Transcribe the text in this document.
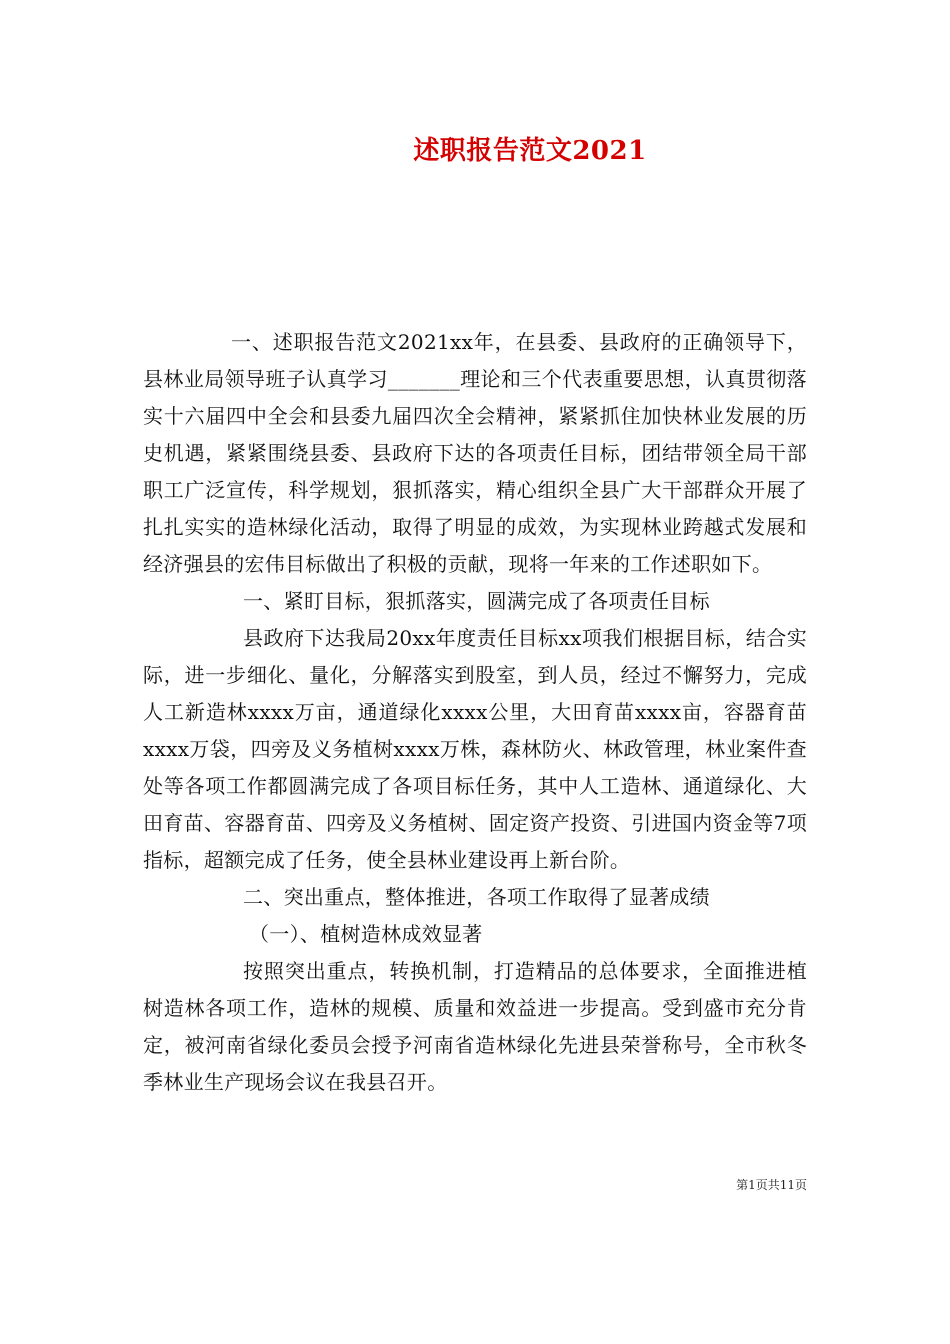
述职报告范文2021

一、述职报告范文2021xx年，在县委、县政府的正确领导下，县林业局领导班子认真学习_______理论和三个代表重要思想，认真贯彻落实十六届四中全会和县委九届四次全会精神，紧紧抓住加快林业发展的历史机遇，紧紧围绕县委、县政府下达的各项责任目标，团结带领全局干部职工广泛宣传，科学规划，狠抓落实，精心组织全县广大干部群众开展了扎扎实实的造林绿化活动，取得了明显的成效，为实现林业跨越式发展和经济强县的宏伟目标做出了积极的贡献，现将一年来的工作述职如下。

一、紧盯目标，狠抓落实，圆满完成了各项责任目标

县政府下达我局20xx年度责任目标xx项我们根据目标，结合实际，进一步细化、量化，分解落实到股室，到人员，经过不懈努力，完成人工新造林xxxx万亩，通道绿化xxxx公里，大田育苗xxxx亩，容器育苗xxxx万袋，四旁及义务植树xxxx万株，森林防火、林政管理，林业案件查处等各项工作都圆满完成了各项目标任务，其中人工造林、通道绿化、大田育苗、容器育苗、四旁及义务植树、固定资产投资、引进国内资金等7项指标，超额完成了任务，使全县林业建设再上新台阶。

二、突出重点，整体推进，各项工作取得了显著成绩

（一）、植树造林成效显著

按照突出重点，转换机制，打造精品的总体要求，全面推进植树造林各项工作，造林的规模、质量和效益进一步提高。受到盛市充分肯定，被河南省绿化委员会授予河南省造林绿化先进县荣誉称号，全市秋冬季林业生产现场会议在我县召开。

第1页共11页
